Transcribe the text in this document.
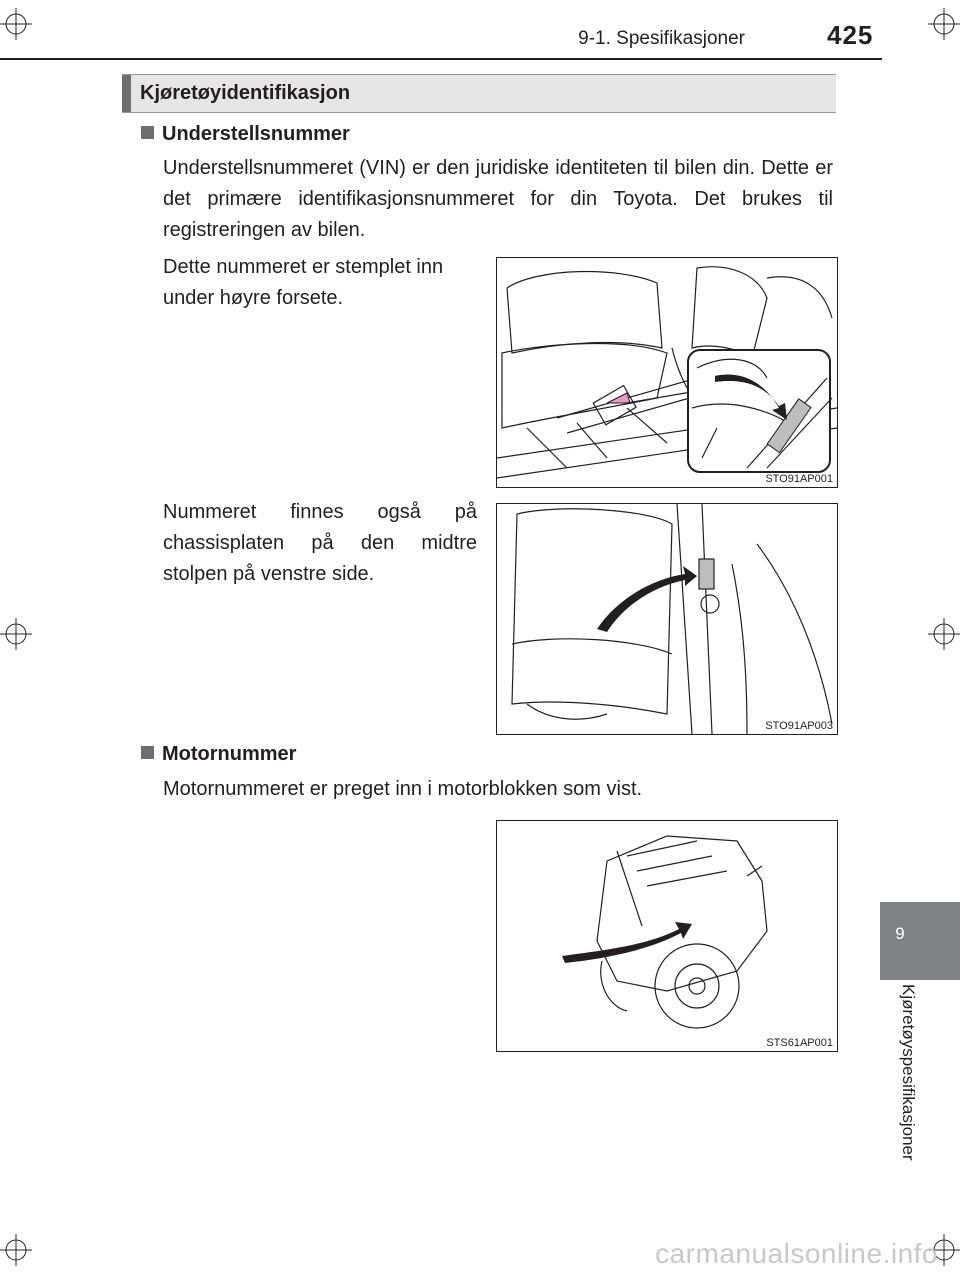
9-1. Spesifikasjoner	425
Kjøretøyidentifikasjon
Understellsnummer
Understellsnummeret (VIN) er den juridiske identiteten til bilen din. Dette er det primære identifikasjonsnummeret for din Toyota. Det brukes til registreringen av bilen.
Dette nummeret er stemplet inn under høyre forsete.
STO91AP001
Nummeret finnes også på chassisplaten på den midtre stolpen på venstre side.
STO91AP003
Motornummer
Motornummeret er preget inn i motorblokken som vist.
STS61AP001
9
Kjøretøyspesifikasjoner
carmanualsonline.info
